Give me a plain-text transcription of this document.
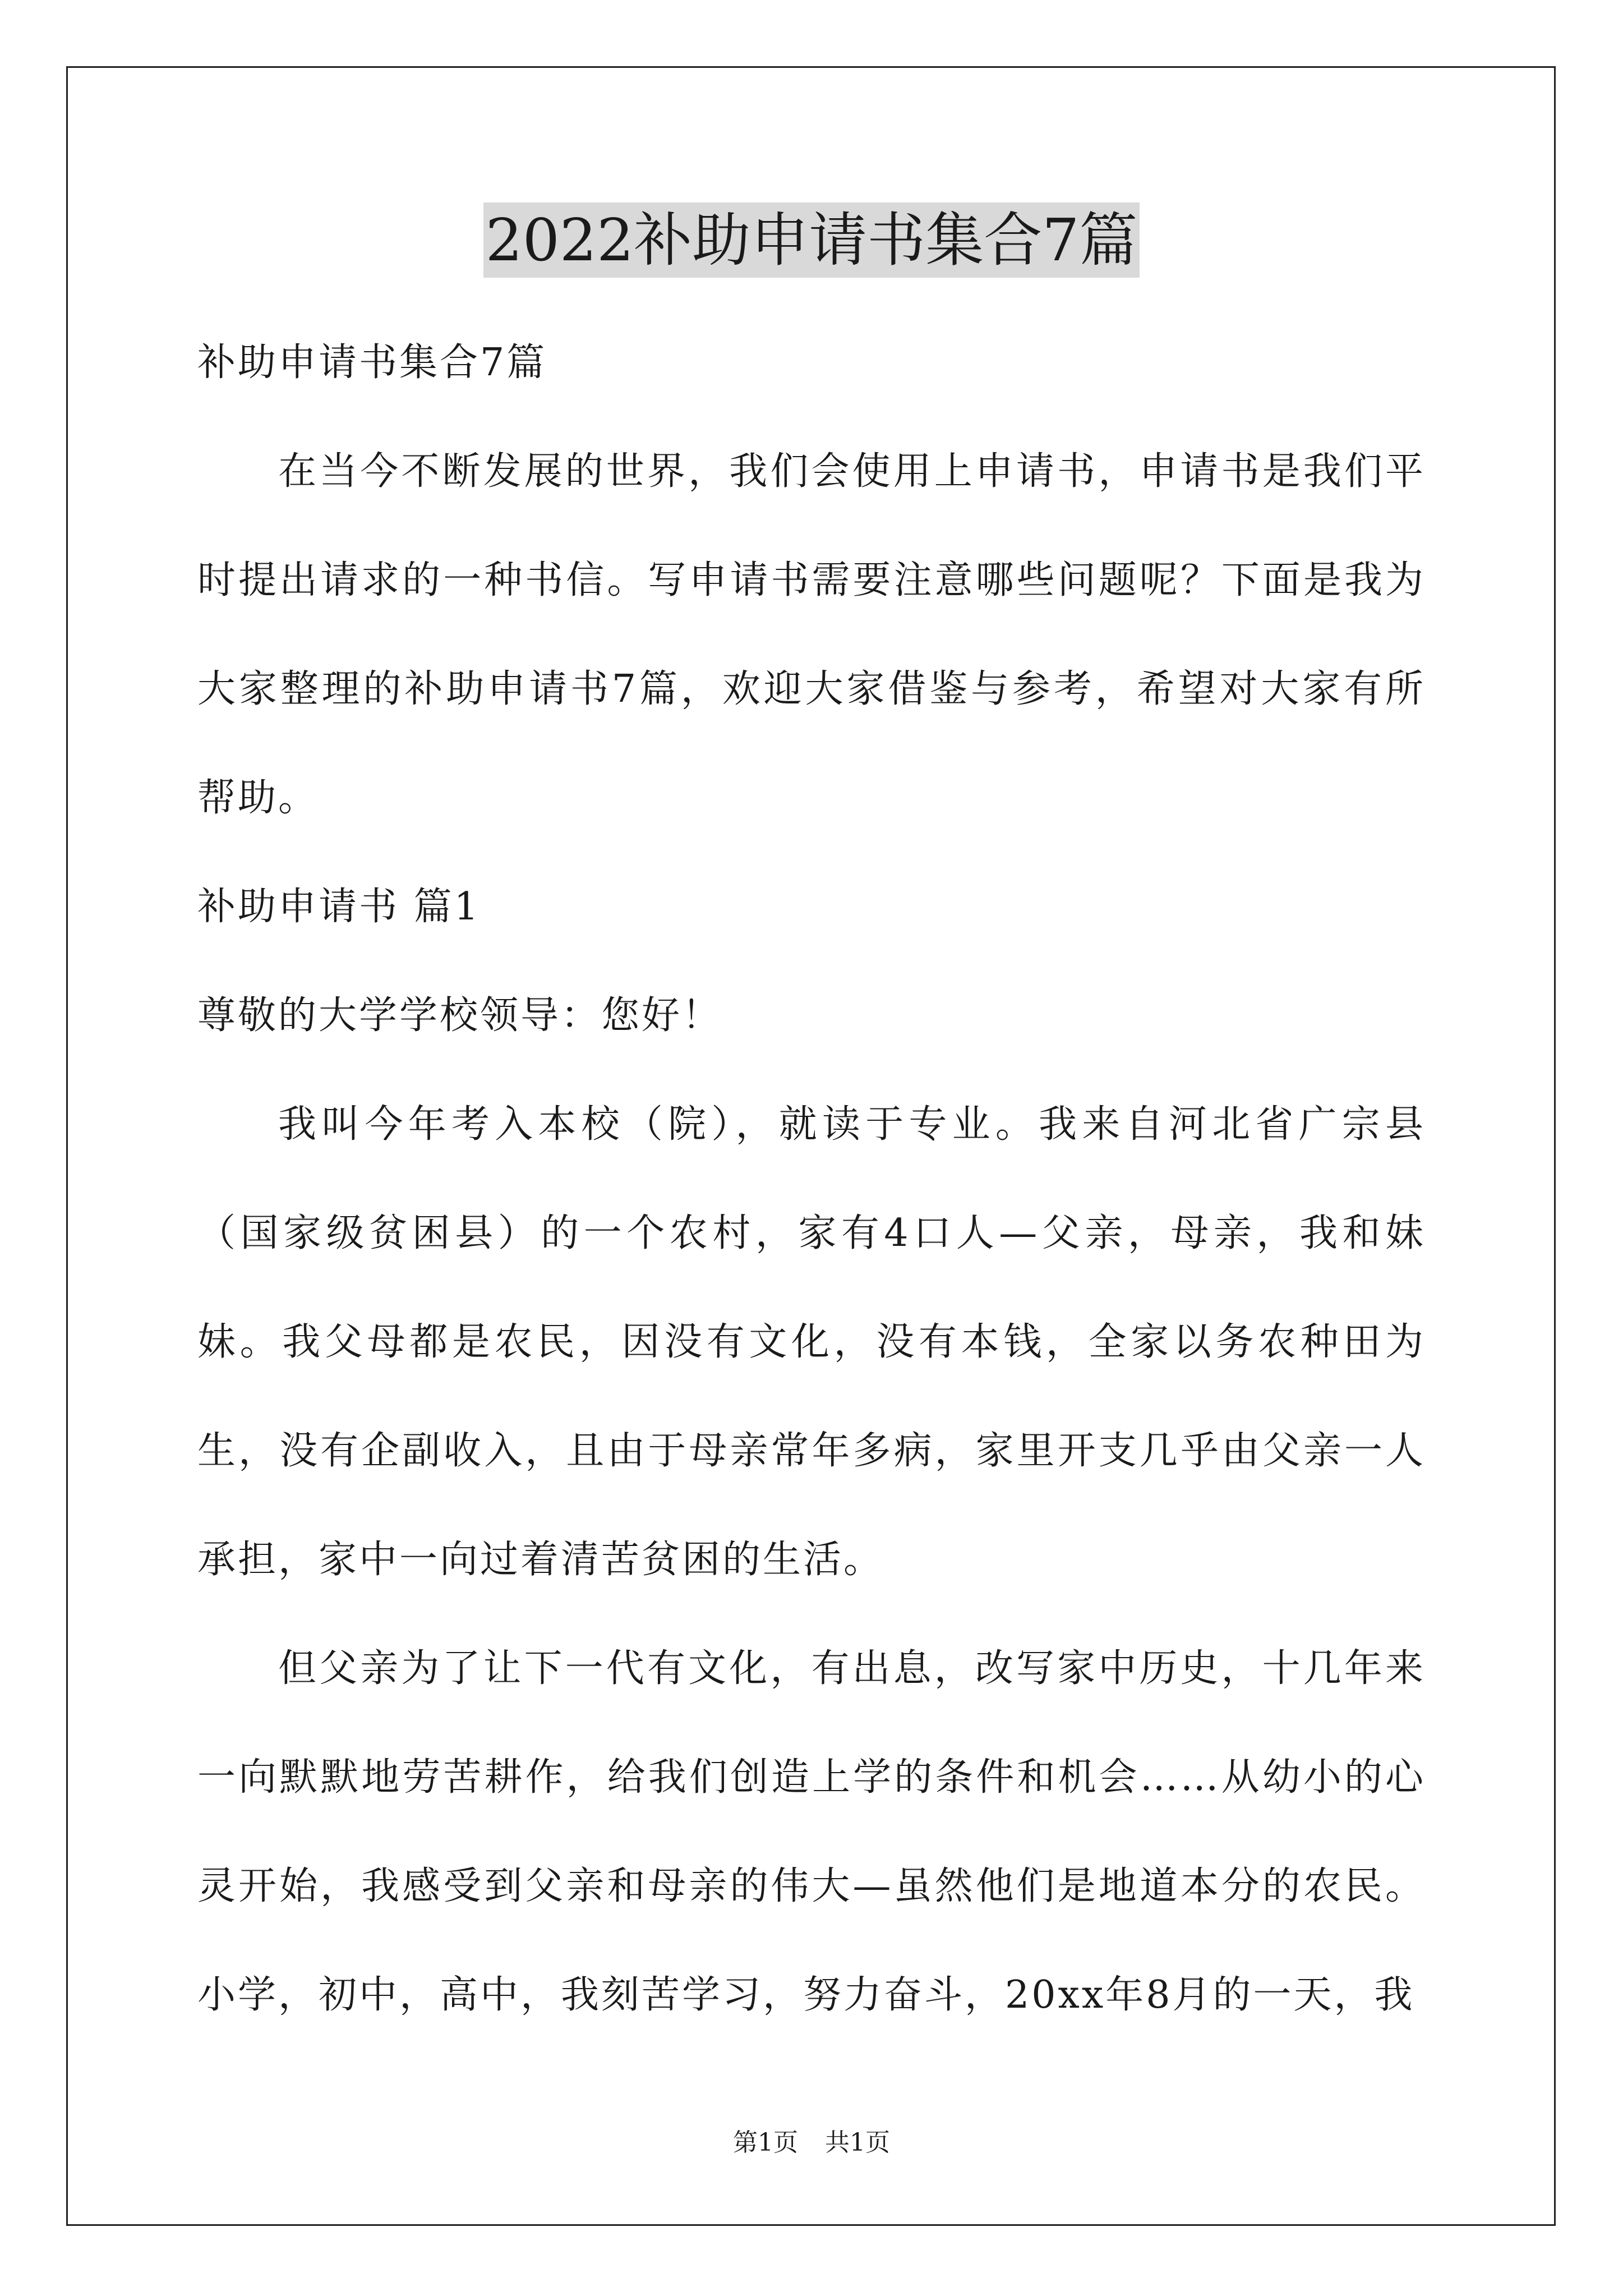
2022补助申请书集合7篇

补助申请书集合7篇

在当今不断发展的世界，我们会使用上申请书，申请书是我们平时提出请求的一种书信。写申请书需要注意哪些问题呢？下面是我为大家整理的补助申请书7篇，欢迎大家借鉴与参考，希望对大家有所帮助。

补助申请书 篇1

尊敬的大学学校领导：您好！

我叫今年考入本校（院），就读于专业。我来自河北省广宗县（国家级贫困县）的一个农村，家有4口人—父亲，母亲，我和妹妹。我父母都是农民，因没有文化，没有本钱，全家以务农种田为生，没有企副收入，且由于母亲常年多病，家里开支几乎由父亲一人承担，家中一向过着清苦贫困的生活。

但父亲为了让下一代有文化，有出息，改写家中历史，十几年来一向默默地劳苦耕作，给我们创造上学的条件和机会……从幼小的心灵开始，我感受到父亲和母亲的伟大—虽然他们是地道本分的农民。小学，初中，高中，我刻苦学习，努力奋斗，20xx年8月的一天，我

第1页 共1页
